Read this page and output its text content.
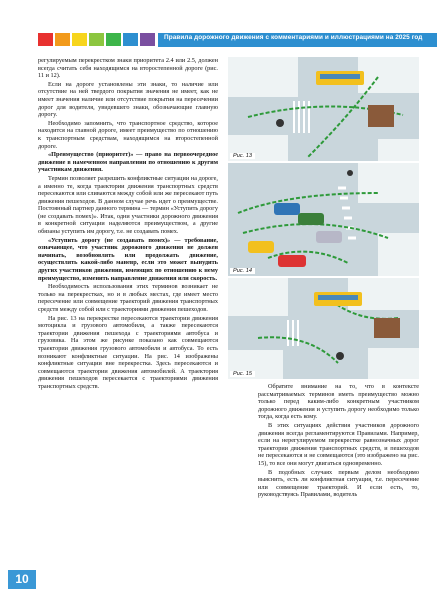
Правила дорожного движения с комментариями и иллюстрациями на 2025 год

регулируемым перекрестком знаки приоритета 2.4 или 2.5, должен всегда считать себя находящимся на второстепенной дороге (рис. 11 и 12).

Если на дороге установлены эти знаки, то наличие или отсутствие на ней твердого покрытия значения не имеет, как не имеет значения наличие или отсутствие покрытия на пересечении дорог для водителя, увидевшего знаки, обозначающие главную дорогу.

Необходимо запомнить, что транспортное средство, которое находится на главной дороге, имеет преимущество по отношению к транспортным средствам, находящимся на второстепенной дороге.

«Преимущество (приоритет)» — право на первоочередное движение в намеченном направлении по отношению к другим участникам движения.

Термин позволяет разрешить конфликтные ситуации на дороге, а именно те, когда траектории движения транспортных средств пересекаются или сливаются между собой или же пересекают путь движения пешеходов. В данном случае речь идет о преимуществе. Постоянный партнер данного термина — термин «Уступить дорогу (не создавать помех)». Итак, одни участники дорожного движения в конкретной ситуации наделяются преимуществом, а другие обязаны уступить им дорогу, т.е. не создавать помех.

«Уступить дорогу (не создавать помех)» — требование, означающее, что участник дорожного движения не должен начинать, возобновлять или продолжать движение, осуществлять какой-либо маневр, если это может вынудить других участников движения, имеющих по отношению к нему преимущество, изменить направление движения или скорость.

Необходимость использования этих терминов возникает не только на перекрестках, но и в любых местах, где имеет место пересечение или совмещение траекторий движения транспортных средств между собой или с траекториями движения пешеходов.

На рис. 13 на перекрестке пересекаются траектории движения мотоцикла и грузового автомобиля, а также пересекаются траектории движения пешехода с траекториями автобуса и грузовика. На этом же рисунке показано как совмещаются траектории движения грузового автомобиля и автобуса. То есть возникают конфликтные ситуации. На рис. 14 изображены конфликтные ситуации вне перекрестка. Здесь пересекаются и совмещаются траектории движения автомобилей. А траектория движения пешеходов пересекается с траекториями движения транспортных средств.

Рис. 13
Рис. 14
Рис. 15

Обратите внимание на то, что в контексте рассматриваемых терминов иметь преимущество можно только перед каким-либо конкретным участником дорожного движения и уступить дорогу необходимо только тогда, когда есть кому.

В этих ситуациях действия участников дорожного движения всегда регламентируются Правилами. Например, если на нерегулируемом перекрестке равнозначных дорог траектории движения транспортных средств, и пешеходов не пересекаются и не совмещаются (это изображено на рис. 15), то все они могут двигаться одновременно.

В подобных случаях первым делом необходимо выяснить, есть ли конфликтная ситуация, т.е. пересечение или совмещение траекторий. И если есть, то, руководствуясь Правилами, водитель

10
